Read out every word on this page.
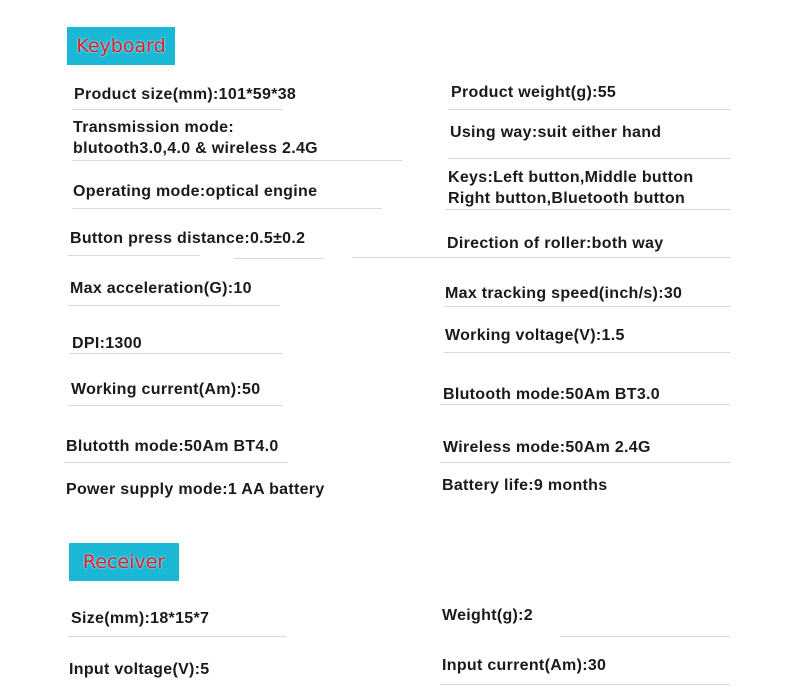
Keyboard
Product size(mm):101*59*38
Transmission mode:
blutooth3.0,4.0 & wireless 2.4G
Operating mode:optical engine
Button press distance:0.5±0.2
Max acceleration(G):10
DPI:1300
Working current(Am):50
Blutotth mode:50Am BT4.0
Power supply mode:1 AA battery
Product weight(g):55
Using way:suit either hand
Keys:Left button,Middle button
Right button,Bluetooth button
Direction of roller:both way
Max tracking speed(inch/s):30
Working voltage(V):1.5
Blutooth mode:50Am BT3.0
Wireless mode:50Am 2.4G
Battery life:9 months
Receiver
Size(mm):18*15*7	Weight(g):2
Input voltage(V):5	Input current(Am):30
